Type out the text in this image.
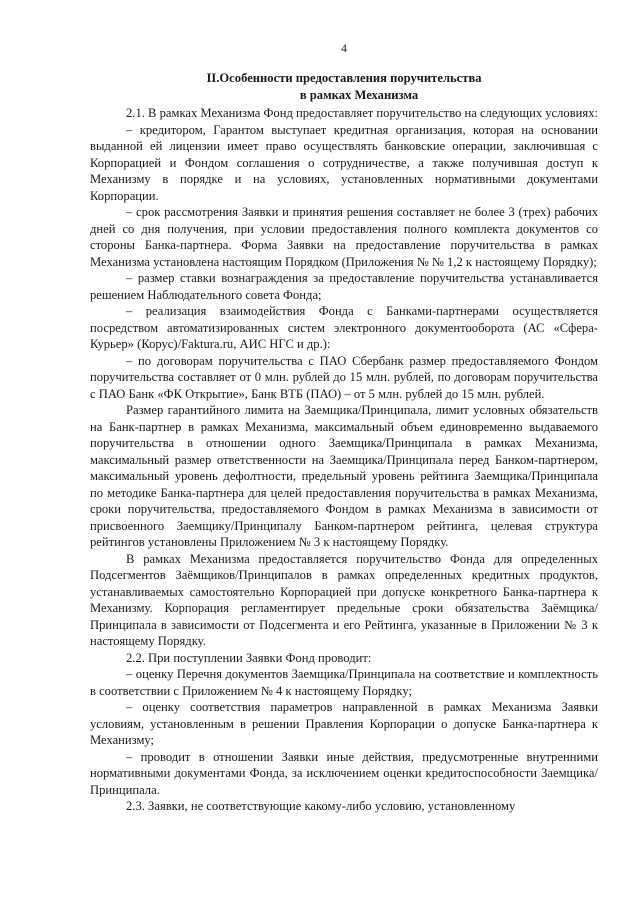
4
II.Особенности предоставления поручительства
в рамках Механизма

2.1. В рамках Механизма Фонд предоставляет поручительство на следующих условиях:

– кредитором, Гарантом выступает кредитная организация, которая на основании выданной ей лицензии имеет право осуществлять банковские операции, заключившая с Корпорацией и Фондом соглашения о сотрудничестве, а также получившая доступ к Механизму в порядке и на условиях, установленных нормативными документами Корпорации.

– срок рассмотрения Заявки и принятия решения составляет не более 3 (трех) рабочих дней со дня получения, при условии предоставления полного комплекта документов со стороны Банка-партнера. Форма Заявки на предоставление поручительства в рамках Механизма установлена настоящим Порядком (Приложения № № 1,2 к настоящему Порядку);

– размер ставки вознаграждения за предоставление поручительства устанавливается решением Наблюдательного совета Фонда;

– реализация взаимодействия Фонда с Банками-партнерами осуществляется посредством автоматизированных систем электронного документооборота (АС «Сфера-Курьер» (Корус)/Faktura.ru, АИС НГС и др.):

– по договорам поручительства с ПАО Сбербанк размер предоставляемого Фондом поручительства составляет от 0 млн. рублей до 15 млн. рублей, по договорам поручительства с ПАО Банк «ФК Открытие», Банк ВТБ (ПАО) – от 5 млн. рублей до 15 млн. рублей.

Размер гарантийного лимита на Заемщика/Принципала, лимит условных обязательств на Банк-партнер в рамках Механизма, максимальный объем единовременно выдаваемого поручительства в отношении одного Заемщика/Принципала в рамках Механизма, максимальный размер ответственности на Заемщика/Принципала перед Банком-партнером, максимальный уровень дефолтности, предельный уровень рейтинга Заемщика/Принципала по методике Банка-партнера для целей предоставления поручительства в рамках Механизма, сроки поручительства, предоставляемого Фондом в рамках Механизма в зависимости от присвоенного Заемщику/Принципалу Банком-партнером рейтинга, целевая структура рейтингов установлены Приложением № 3 к настоящему Порядку.

В рамках Механизма предоставляется поручительство Фонда для определенных Подсегментов Заёмщиков/Принципалов в рамках определенных кредитных продуктов, устанавливаемых самостоятельно Корпорацией при допуске конкретного Банка-партнера к Механизму. Корпорация регламентирует предельные сроки обязательства Заёмщика/Принципала в зависимости от Подсегмента и его Рейтинга, указанные в Приложении № 3 к настоящему Порядку.

2.2. При поступлении Заявки Фонд проводит:

– оценку Перечня документов Заемщика/Принципала на соответствие и комплектность в соответствии с Приложением № 4 к настоящему Порядку;

– оценку соответствия параметров направленной в рамках Механизма Заявки условиям, установленным в решении Правления Корпорации о допуске Банка-партнера к Механизму;

– проводит в отношении Заявки иные действия, предусмотренные внутренними нормативными документами Фонда, за исключением оценки кредитоспособности Заемщика/Принципала.

2.3. Заявки, не соответствующие какому-либо условию, установленному
